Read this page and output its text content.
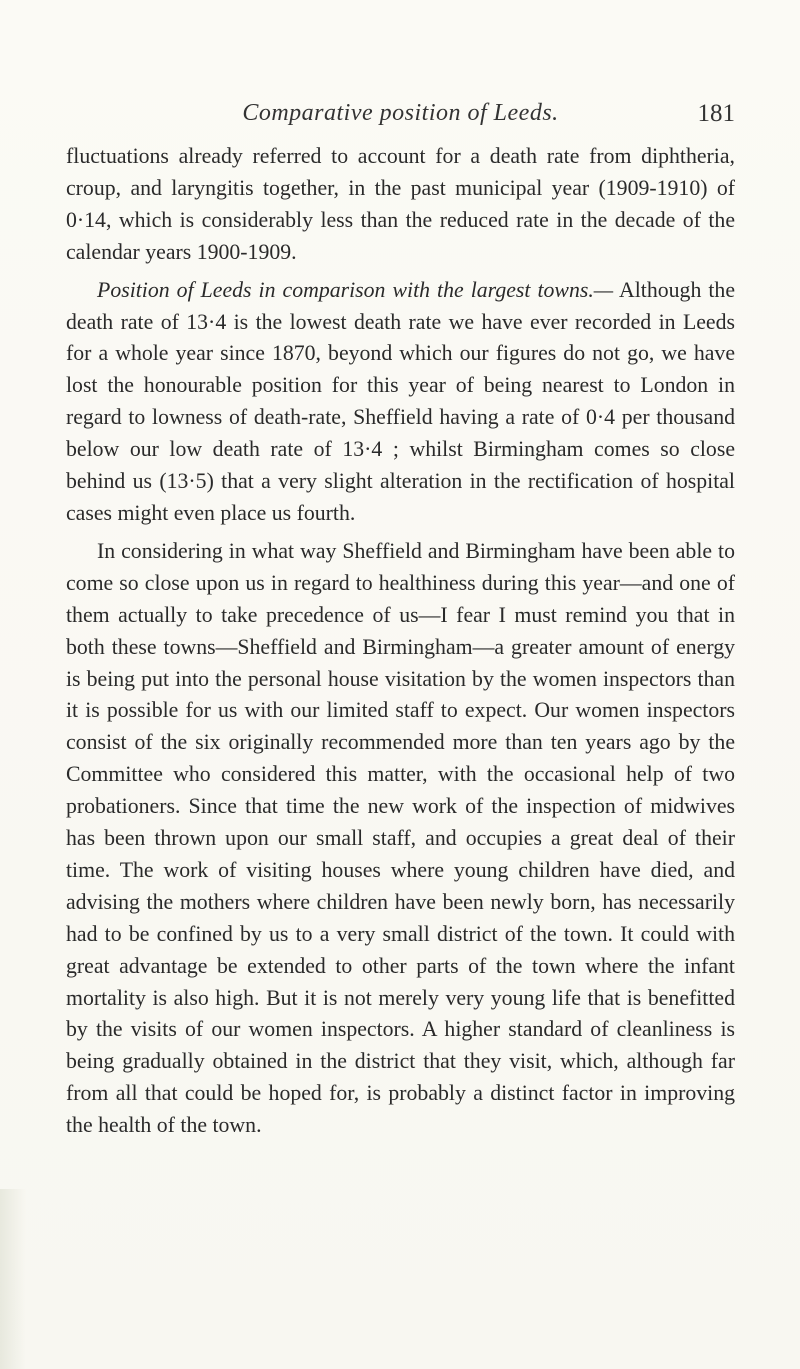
Comparative position of Leeds.	181

fluctuations already referred to account for a death rate from diphtheria, croup, and laryngitis together, in the past municipal year (1909-1910) of 0·14, which is considerably less than the reduced rate in the decade of the calendar years 1900-1909.

Position of Leeds in comparison with the largest towns.— Although the death rate of 13·4 is the lowest death rate we have ever recorded in Leeds for a whole year since 1870, beyond which our figures do not go, we have lost the honourable position for this year of being nearest to London in regard to lowness of death-rate, Sheffield having a rate of 0·4 per thousand below our low death rate of 13·4 ; whilst Birmingham comes so close behind us (13·5) that a very slight alteration in the rectification of hospital cases might even place us fourth.

In considering in what way Sheffield and Birmingham have been able to come so close upon us in regard to healthiness during this year—and one of them actually to take precedence of us—I fear I must remind you that in both these towns—Sheffield and Birmingham—a greater amount of energy is being put into the personal house visitation by the women inspectors than it is possible for us with our limited staff to expect. Our women inspectors consist of the six originally recommended more than ten years ago by the Committee who considered this matter, with the occasional help of two probationers. Since that time the new work of the inspection of midwives has been thrown upon our small staff, and occupies a great deal of their time. The work of visiting houses where young children have died, and advising the mothers where children have been newly born, has necessarily had to be confined by us to a very small district of the town. It could with great advantage be extended to other parts of the town where the infant mortality is also high. But it is not merely very young life that is benefitted by the visits of our women inspectors. A higher standard of cleanliness is being gradually obtained in the district that they visit, which, although far from all that could be hoped for, is probably a distinct factor in improving the health of the town.
